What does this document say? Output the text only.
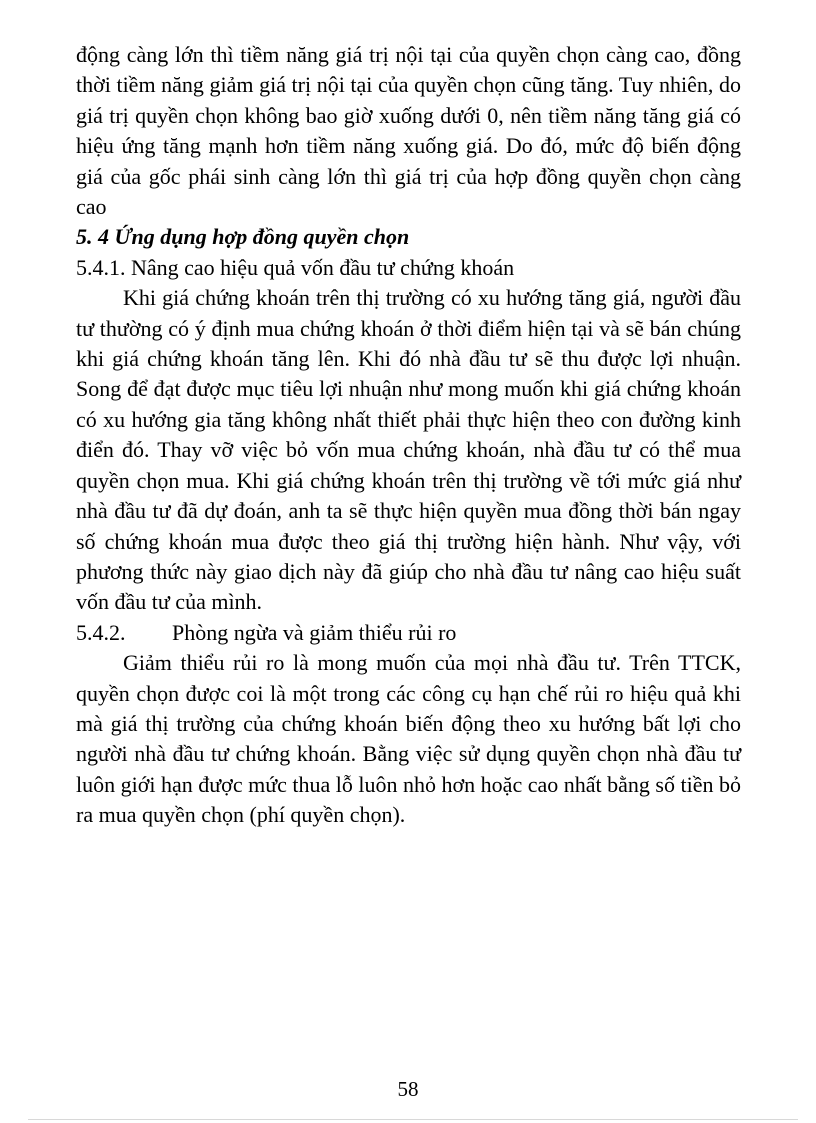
động càng lớn thì tiềm năng giá trị nội tại của quyền chọn càng cao, đồng thời tiềm năng giảm giá trị nội tại của quyền chọn cũng tăng. Tuy nhiên, do giá trị quyền chọn không bao giờ xuống dưới 0, nên tiềm năng tăng giá có hiệu ứng tăng mạnh hơn tiềm năng xuống giá. Do đó, mức độ biến động giá của gốc phái sinh càng lớn thì giá trị của hợp đồng quyền chọn càng cao

5. 4 Ứng dụng hợp đồng quyền chọn

5.4.1. Nâng cao hiệu quả vốn đầu tư chứng khoán

Khi giá chứng khoán trên thị trường có xu hướng tăng giá, người đầu tư thường có ý định mua chứng khoán ở thời điểm hiện tại và sẽ bán chúng khi giá chứng khoán tăng lên. Khi đó nhà đầu tư sẽ thu được lợi nhuận. Song để đạt được mục tiêu lợi nhuận như mong muốn khi giá chứng khoán có xu hướng gia tăng không nhất thiết phải thực hiện theo con đường kinh điển đó. Thay vỡ việc bỏ vốn mua chứng khoán, nhà đầu tư có thể mua quyền chọn mua. Khi giá chứng khoán trên thị trường về tới mức giá như nhà đầu tư đã dự đoán, anh ta sẽ thực hiện quyền mua đồng thời bán ngay số chứng khoán mua được theo giá thị trường hiện hành. Như vậy, với phương thức này giao dịch này đã giúp cho nhà đầu tư nâng cao hiệu suất vốn đầu tư của mình.

5.4.2. Phòng ngừa và giảm thiểu rủi ro

Giảm thiểu rủi ro là mong muốn của mọi nhà đầu tư. Trên TTCK, quyền chọn được coi là một trong các công cụ hạn chế rủi ro hiệu quả khi mà giá thị trường của chứng khoán biến động theo xu hướng bất lợi cho người nhà đầu tư chứng khoán. Bằng việc sử dụng quyền chọn nhà đầu tư luôn giới hạn được mức thua lỗ luôn nhỏ hơn hoặc cao nhất bằng số tiền bỏ ra mua quyền chọn (phí quyền chọn).

58
